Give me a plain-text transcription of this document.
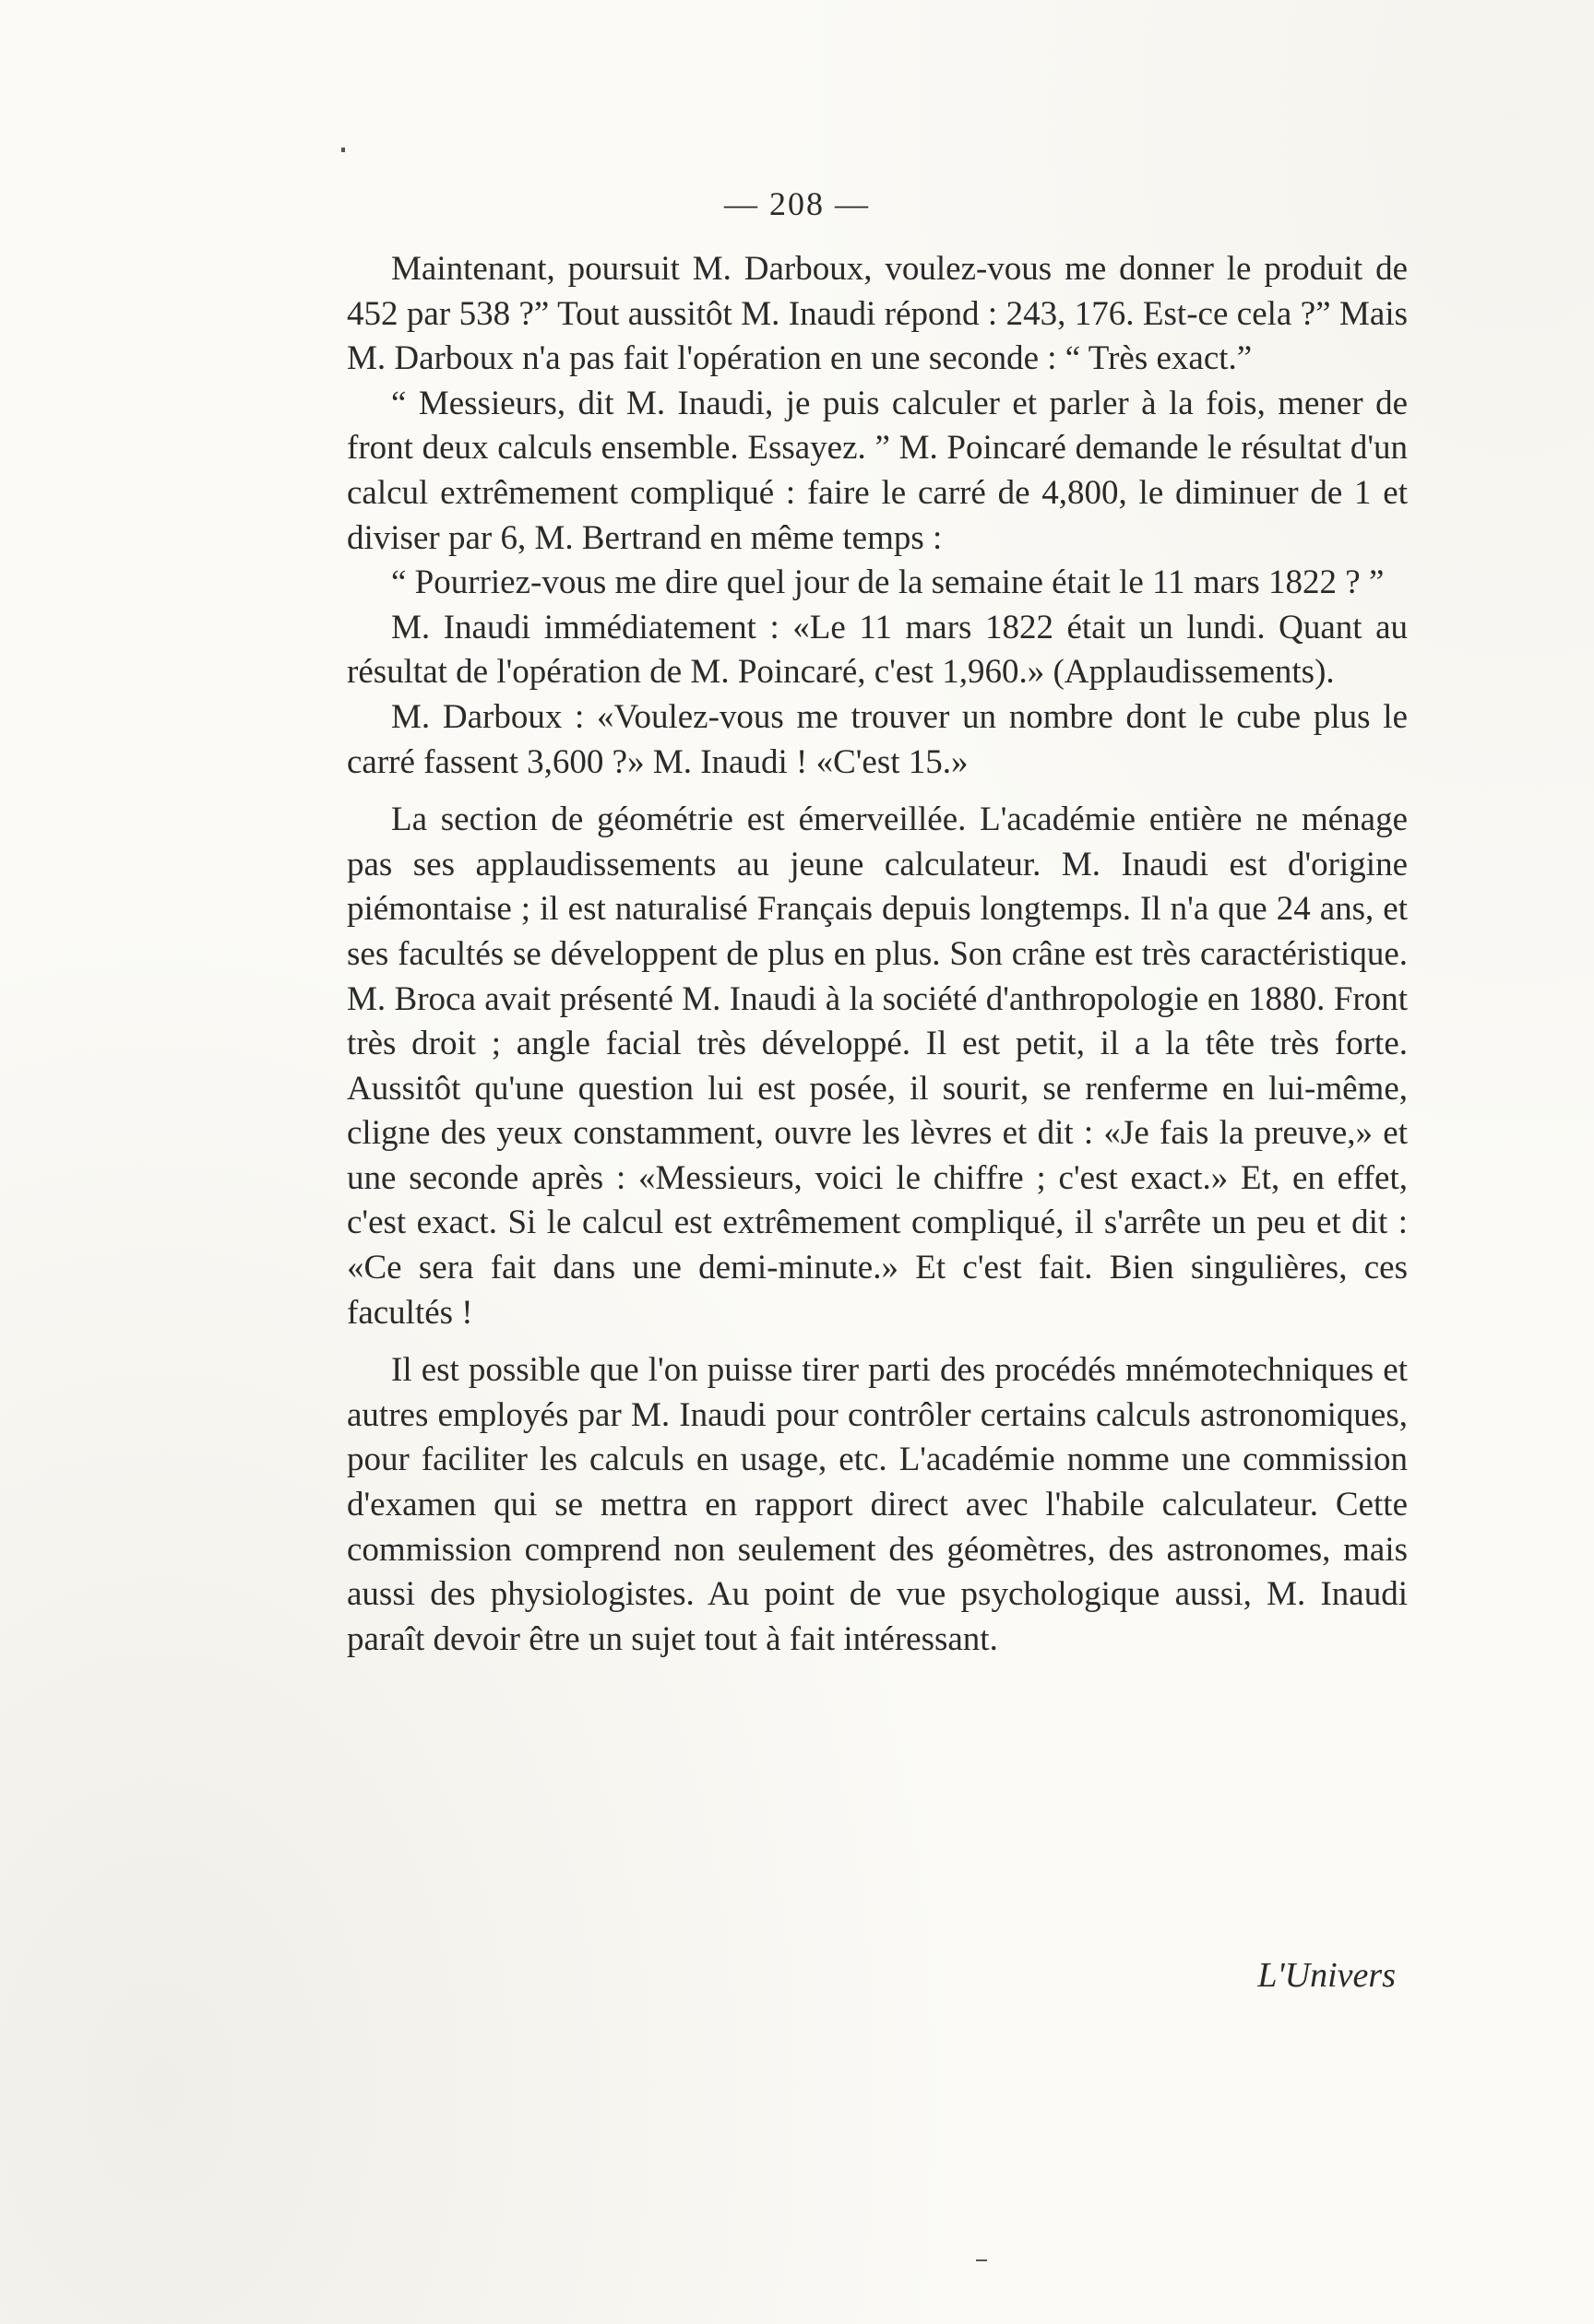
— 208 —

Maintenant, poursuit M. Darboux, voulez-vous me donner le produit de 452 par 538 ?” Tout aussitôt M. Inaudi répond : 243, 176. Est-ce cela ?” Mais M. Darboux n'a pas fait l'opération en une seconde : “ Très exact.”

“ Messieurs, dit M. Inaudi, je puis calculer et parler à la fois, mener de front deux calculs ensemble. Essayez. ” M. Poincaré demande le résultat d'un calcul extrêmement compliqué : faire le carré de 4,800, le diminuer de 1 et diviser par 6, M. Bertrand en même temps :

“ Pourriez-vous me dire quel jour de la semaine était le 11 mars 1822 ? ”

M. Inaudi immédiatement : «Le 11 mars 1822 était un lundi. Quant au résultat de l'opération de M. Poincaré, c'est 1,960.» (Applaudissements).

M. Darboux : «Voulez-vous me trouver un nombre dont le cube plus le carré fassent 3,600 ?» M. Inaudi ! «C'est 15.»

La section de géométrie est émerveillée. L'académie entière ne ménage pas ses applaudissements au jeune calculateur. M. Inaudi est d'origine piémontaise ; il est naturalisé Français depuis longtemps. Il n'a que 24 ans, et ses facultés se développent de plus en plus. Son crâne est très caractéristique. M. Broca avait présenté M. Inaudi à la société d'anthropologie en 1880. Front très droit ; angle facial très développé. Il est petit, il a la tête très forte. Aussitôt qu'une question lui est posée, il sourit, se renferme en lui-même, cligne des yeux constamment, ouvre les lèvres et dit : «Je fais la preuve,» et une seconde après : «Messieurs, voici le chiffre ; c'est exact.» Et, en effet, c'est exact. Si le calcul est extrêmement compliqué, il s'arrête un peu et dit : «Ce sera fait dans une demi-minute.» Et c'est fait. Bien singulières, ces facultés !

Il est possible que l'on puisse tirer parti des procédés mnémotechniques et autres employés par M. Inaudi pour contrôler certains calculs astronomiques, pour faciliter les calculs en usage, etc. L'académie nomme une commission d'examen qui se mettra en rapport direct avec l'habile calculateur. Cette commission comprend non seulement des géomètres, des astronomes, mais aussi des physiologistes. Au point de vue psychologique aussi, M. Inaudi paraît devoir être un sujet tout à fait intéressant.

L'Univers
